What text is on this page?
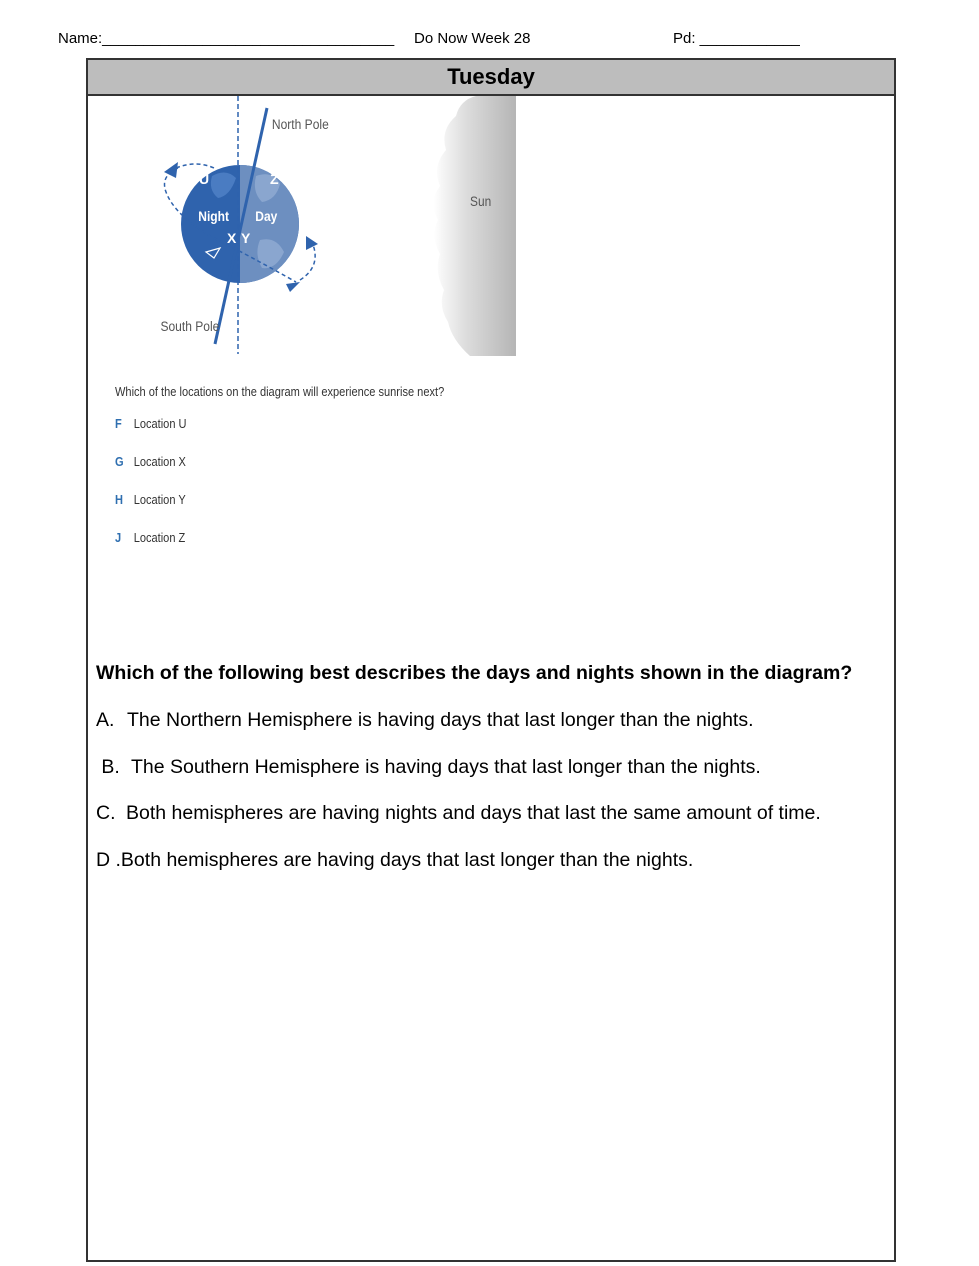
Name:___________________________________ Do Now Week 28	Pd: ____________
Tuesday
Sun
North Pole
South Pole
U	Z
Night Day
X Y
Which of the locations on the diagram will experience sunrise next?
F Location U
G Location X
H Location Y
J Location Z
Which of the following best describes the days and nights shown in the diagram?
A. The Northern Hemisphere is having days that last longer than the nights.
B. The Southern Hemisphere is having days that last longer than the nights.
C. Both hemispheres are having nights and days that last the same amount of time.
D .Both hemispheres are having days that last longer than the nights.
